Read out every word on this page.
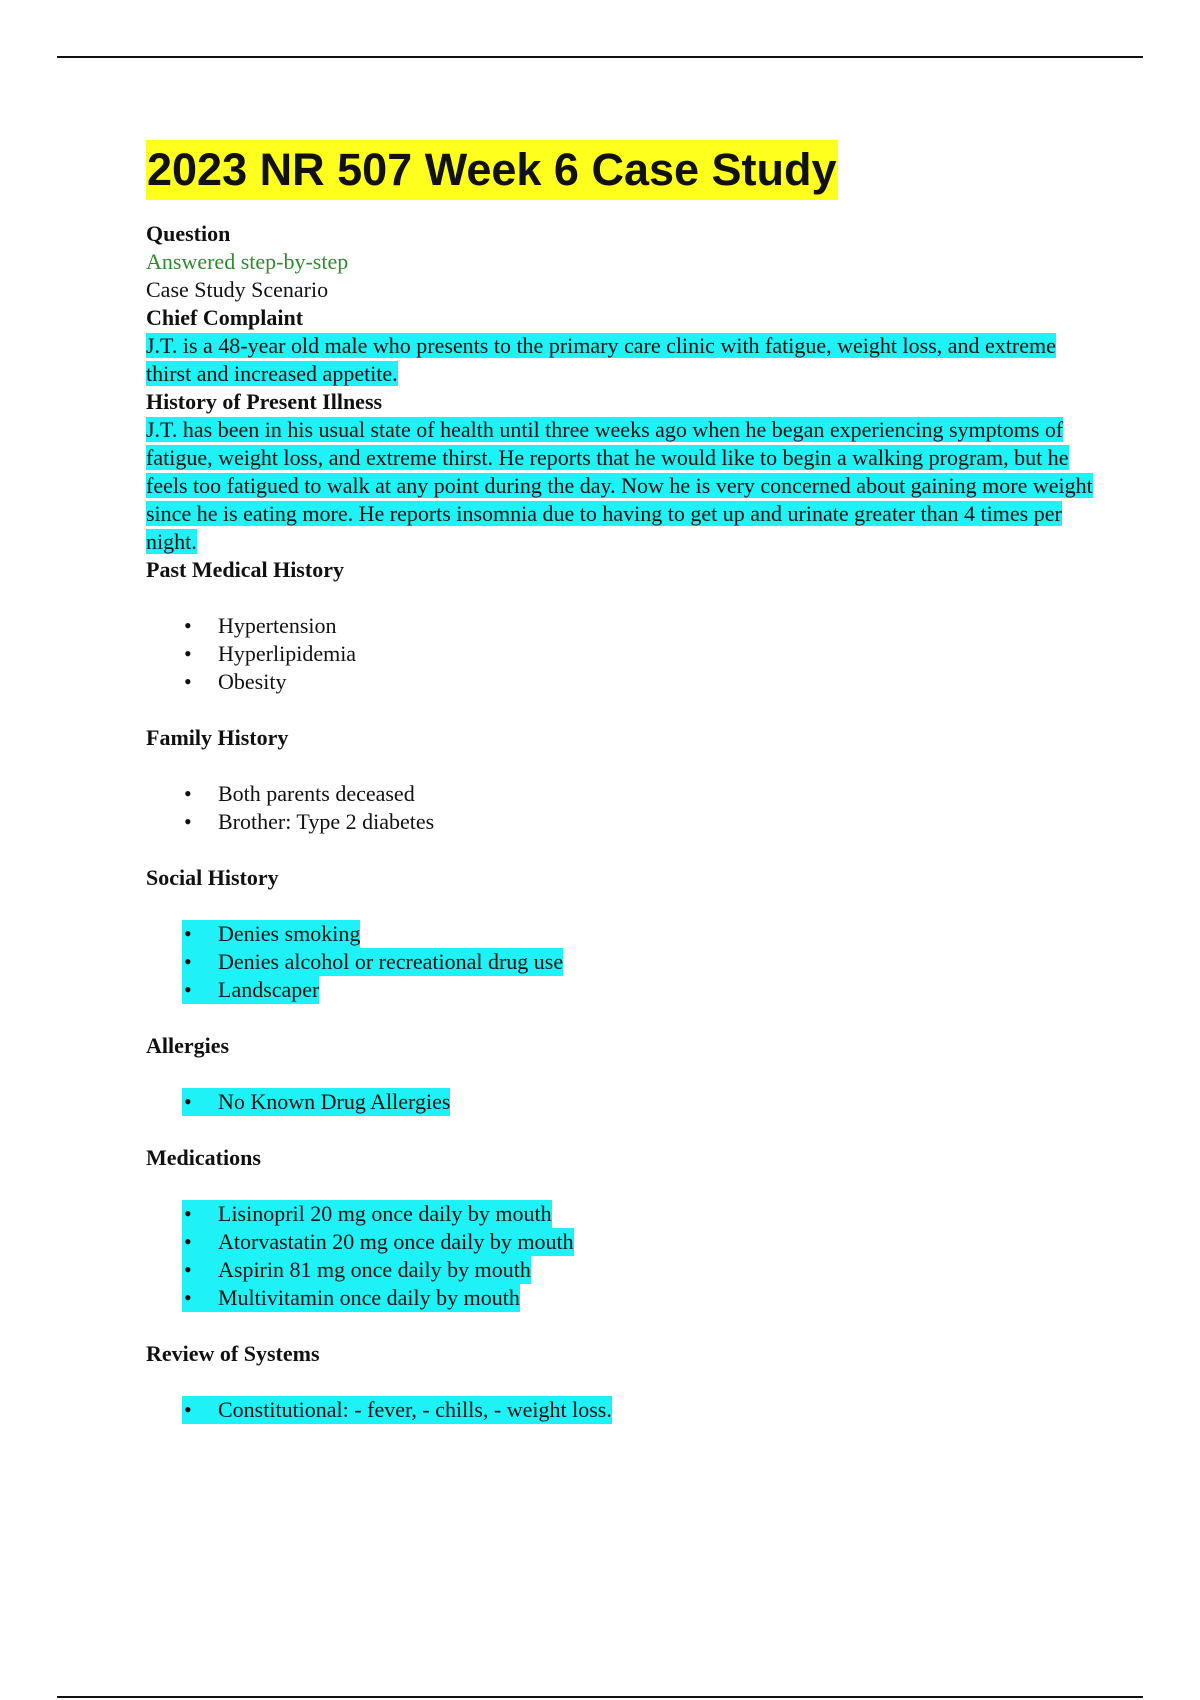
2023 NR 507 Week 6 Case Study

Question

Answered step-by-step

Case Study Scenario

Chief Complaint

J.T. is a 48-year old male who presents to the primary care clinic with fatigue, weight loss, and extreme thirst and increased appetite.

History of Present Illness

J.T. has been in his usual state of health until three weeks ago when he began experiencing symptoms of fatigue, weight loss, and extreme thirst. He reports that he would like to begin a walking program, but he feels too fatigued to walk at any point during the day. Now he is very concerned about gaining more weight since he is eating more. He reports insomnia due to having to get up and urinate greater than 4 times per night.

Past Medical History

• Hypertension
• Hyperlipidemia
• Obesity

Family History

• Both parents deceased
• Brother: Type 2 diabetes

Social History

• Denies smoking
• Denies alcohol or recreational drug use
• Landscaper

Allergies

• No Known Drug Allergies

Medications

• Lisinopril 20 mg once daily by mouth
• Atorvastatin 20 mg once daily by mouth
• Aspirin 81 mg once daily by mouth
• Multivitamin once daily by mouth

Review of Systems

• Constitutional: - fever, - chills, - weight loss.
